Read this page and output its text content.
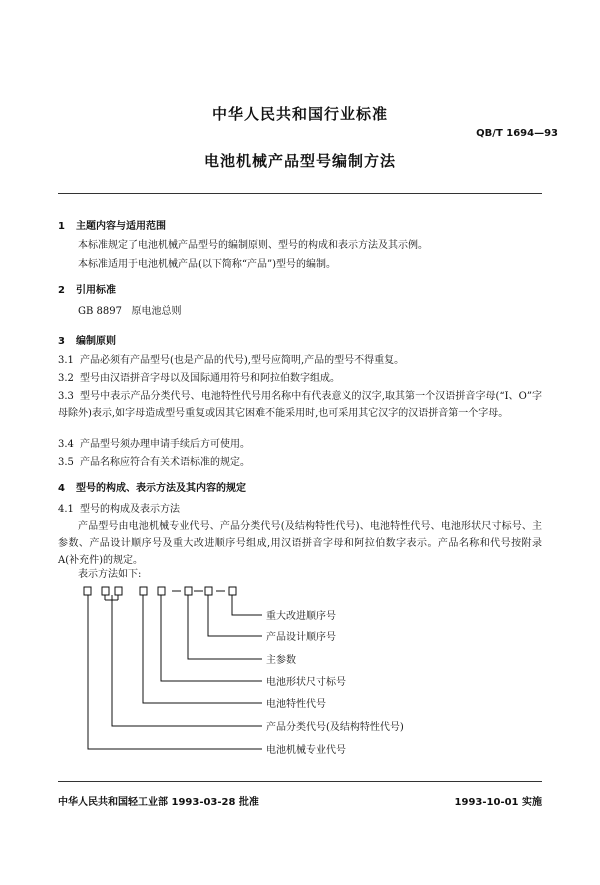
中华人民共和国行业标准
QB/T 1694—93
电池机械产品型号编制方法
1 主题内容与适用范围
本标准规定了电池机械产品型号的编制原则、型号的构成和表示方法及其示例。
本标准适用于电池机械产品(以下简称“产品”)型号的编制。
2 引用标准
GB 8897   原电池总则
3 编制原则
3.1 产品必须有产品型号(也是产品的代号),型号应简明,产品的型号不得重复。
3.2 型号由汉语拼音字母以及国际通用符号和阿拉伯数字组成。
3.3 型号中表示产品分类代号、电池特性代号用名称中有代表意义的汉字,取其第一个汉语拼音字母(“I、O”字母除外)表示,如字母造成型号重复或因其它困难不能采用时,也可采用其它汉字的汉语拼音第一个字母。
3.4 产品型号须办理申请手续后方可使用。
3.5 产品名称应符合有关术语标准的规定。
4 型号的构成、表示方法及其内容的规定
4.1 型号的构成及表示方法
产品型号由电池机械专业代号、产品分类代号(及结构特性代号)、电池特性代号、电池形状尺寸标号、主参数、产品设计顺序号及重大改进顺序号组成,用汉语拼音字母和阿拉伯数字表示。产品名称和代号按附录A(补充件)的规定。
表示方法如下:
重大改进顺序号
产品设计顺序号
主参数
电池形状尺寸标号
电池特性代号
产品分类代号(及结构特性代号)
电池机械专业代号
中华人民共和国轻工业部 1993-03-28 批准	1993-10-01 实施
